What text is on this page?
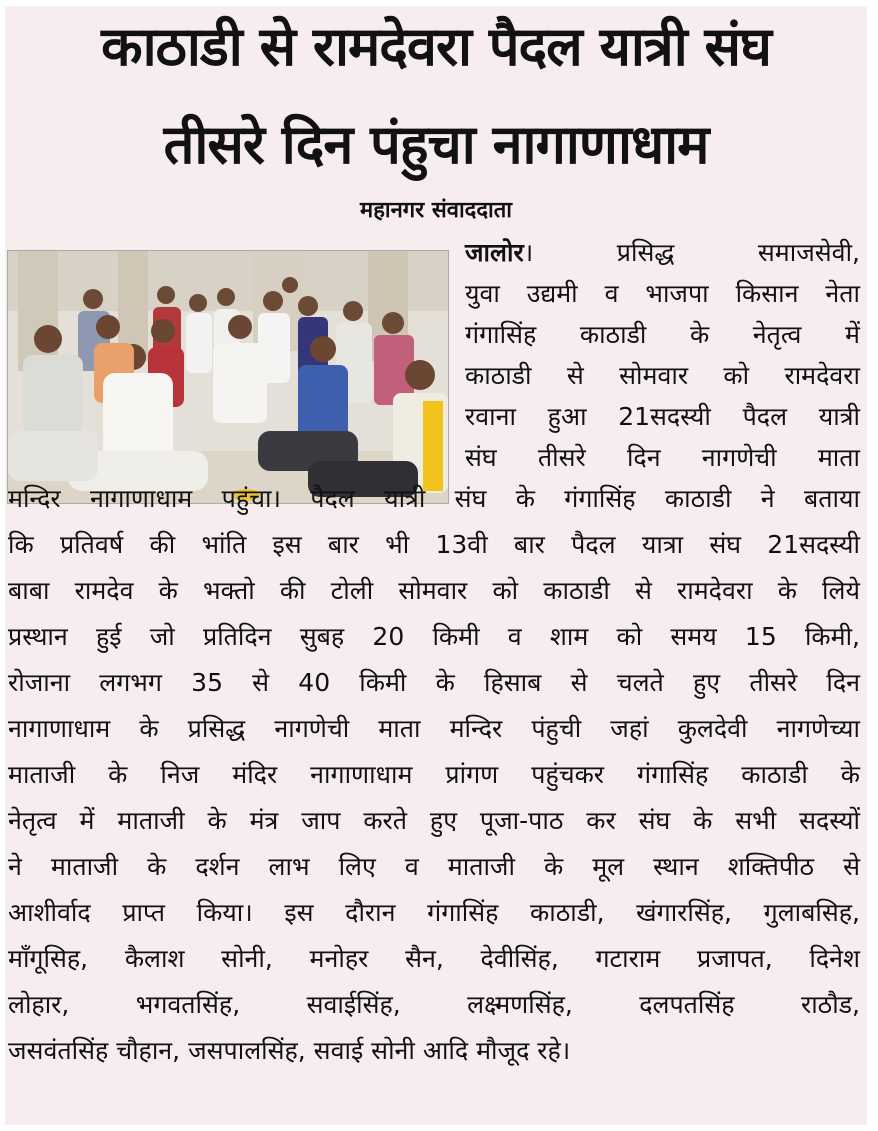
काठाडी से रामदेवरा पैदल यात्री संघ
तीसरे दिन पंहुचा नागाणाधाम
महानगर संवाददाता
जालोर। प्रसिद्ध समाजसेवी,
युवा उद्यमी व भाजपा किसान नेता
गंगासिंह काठाडी के नेतृत्व में
काठाडी से सोमवार को रामदेवरा
रवाना हुआ 21सदस्यी पैदल यात्री
संघ तीसरे दिन नागणेची माता
मन्दिर नागाणाधाम पहुंचा। पैदल यात्री संघ के गंगासिंह काठाडी ने बताया
कि प्रतिवर्ष की भांति इस बार भी 13वी बार पैदल यात्रा संघ 21सदस्यी
बाबा रामदेव के भक्तो की टोली सोमवार को काठाडी से रामदेवरा के लिये
प्रस्थान हुई जो प्रतिदिन सुबह 20 किमी व शाम को समय 15 किमी,
रोजाना लगभग 35 से 40 किमी के हिसाब से चलते हुए तीसरे दिन
नागाणाधाम के प्रसिद्ध नागणेची माता मन्दिर पंहुची जहां कुलदेवी नागणेच्या
माताजी के निज मंदिर नागाणाधाम प्रांगण पहुंचकर गंगासिंह काठाडी के
नेतृत्व में माताजी के मंत्र जाप करते हुए पूजा-पाठ कर संघ के सभी सदस्यों
ने माताजी के दर्शन लाभ लिए व माताजी के मूल स्थान शक्तिपीठ से
आशीर्वाद प्राप्त किया। इस दौरान गंगासिंह काठाडी, खंगारसिंह, गुलाबसिह,
माँगूसिह, कैलाश सोनी, मनोहर सैन, देवीसिंह, गटाराम प्रजापत, दिनेश
लोहार, भगवतसिंह, सवाईसिंह, लक्ष्मणसिंह, दलपतसिंह राठौड,
जसवंतसिंह चौहान, जसपालसिंह, सवाई सोनी आदि मौजूद रहे।
